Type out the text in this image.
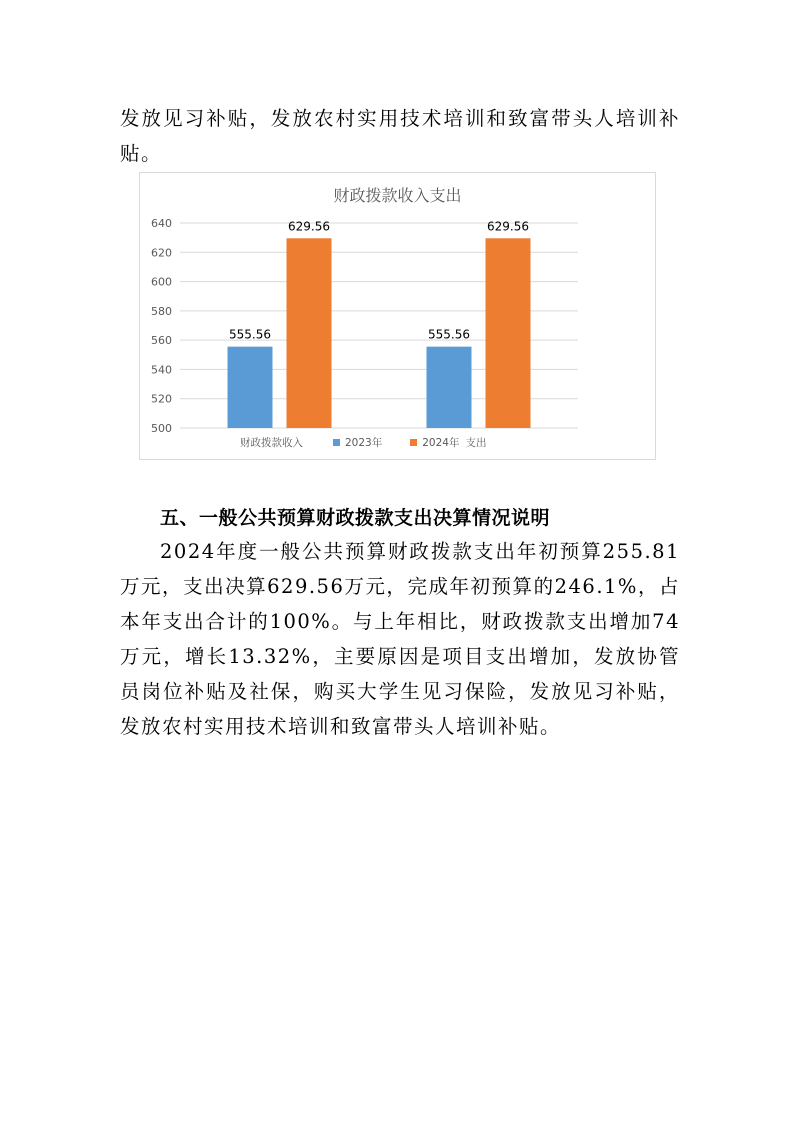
发放见习补贴，发放农村实用技术培训和致富带头人培训补贴。

财政拨款收入支出
500
520
540
560
580
600
620
640
555.56
629.56
555.56
629.56
财政拨款收入	2023年	2024年 支出
五、一般公共预算财政拨款支出决算情况说明

2024年度一般公共预算财政拨款支出年初预算255.81万元，支出决算629.56万元，完成年初预算的246.1%，占本年支出合计的100%。与上年相比，财政拨款支出增加74万元，增长13.32%，主要原因是项目支出增加，发放协管员岗位补贴及社保，购买大学生见习保险，发放见习补贴，发放农村实用技术培训和致富带头人培训补贴。
